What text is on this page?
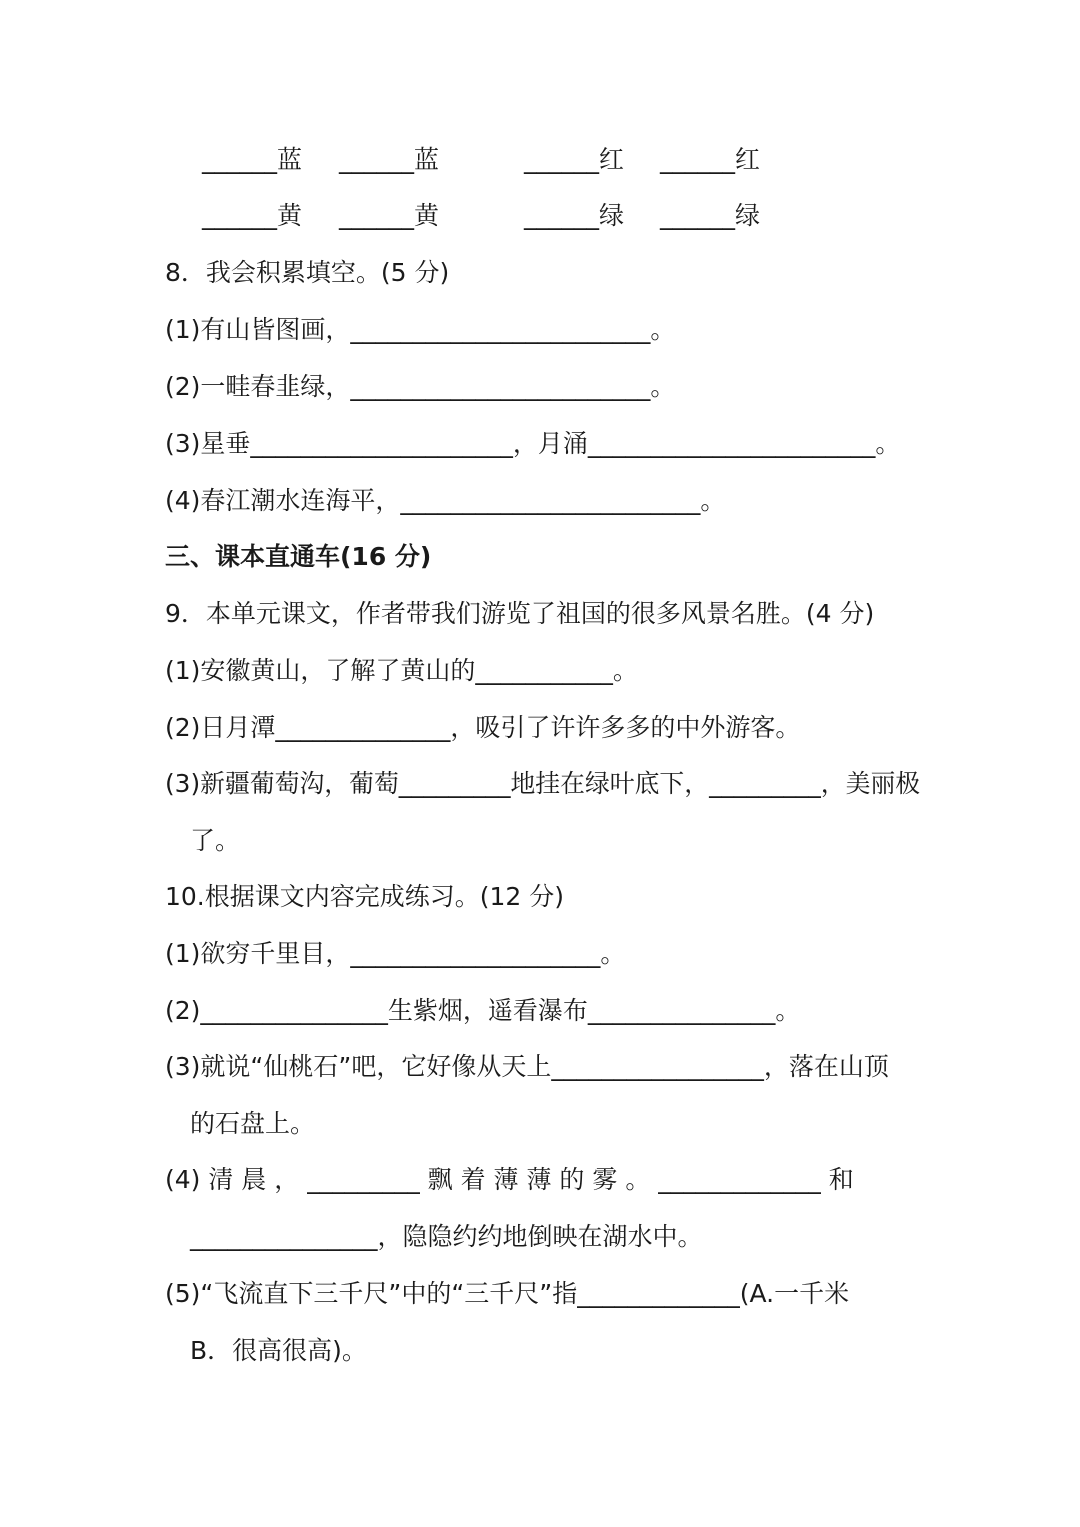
______蓝 ______蓝	______红 ______红
______黄 ______黄	______绿 ______绿
8．我会积累填空。(5 分)
(1)有山皆图画，________________________。
(2)一畦春韭绿，________________________。
(3)星垂_____________________，月涌_______________________。
(4)春江潮水连海平，________________________。
三、课本直通车(16 分)
9．本单元课文，作者带我们游览了祖国的很多风景名胜。(4 分)
(1)安徽黄山，了解了黄山的___________。
(2)日月潭______________，吸引了许许多多的中外游客。
(3)新疆葡萄沟，葡萄_________地挂在绿叶底下，_________，美丽极
了。
10.根据课文内容完成练习。(12 分)
(1)欲穷千里目，____________________。
(2)_______________生紫烟，遥看瀑布_______________。
(3)就说“仙桃石”吧，它好像从天上_________________，落在山顶
的石盘上。
(4) 清 晨 ， _________ 飘 着 薄 薄 的 雾 。 _____________ 和
_______________，隐隐约约地倒映在湖水中。
(5)“飞流直下三千尺”中的“三千尺”指_____________(A.一千米
B．很高很高)。
